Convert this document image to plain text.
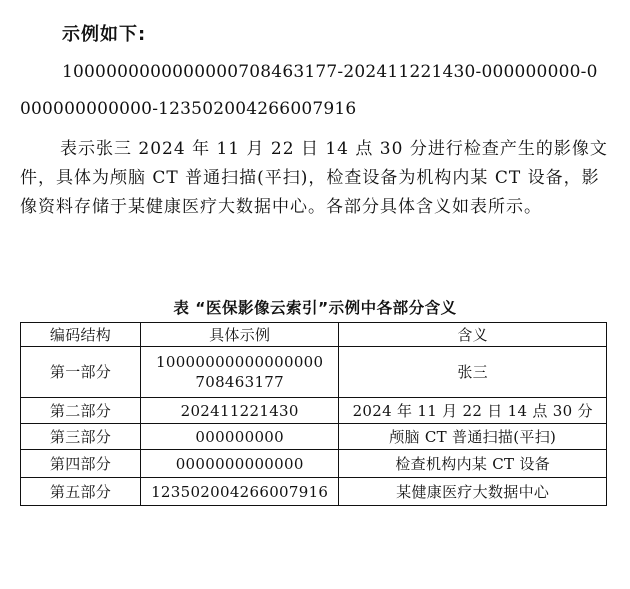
示例如下:
1000000000000000708463177-202411221430-000000000-0
000000000000-123502004266007916
表示张三 2024 年 11 月 22 日 14 点 30 分进行检查产生的影像文件，具体为颅脑 CT 普通扫描(平扫)，检查设备为机构内某 CT 设备，影像资料存储于某健康医疗大数据中心。各部分具体含义如表所示。
表 “医保影像云索引”示例中各部分含义
编码结构	具体示例	含义
第一部分	10000000000000000708463177	张三
第二部分	202411221430	2024 年 11 月 22 日 14 点 30 分
第三部分	000000000	颅脑 CT 普通扫描(平扫)
第四部分	0000000000000	检查机构内某 CT 设备
第五部分	123502004266007916	某健康医疗大数据中心
